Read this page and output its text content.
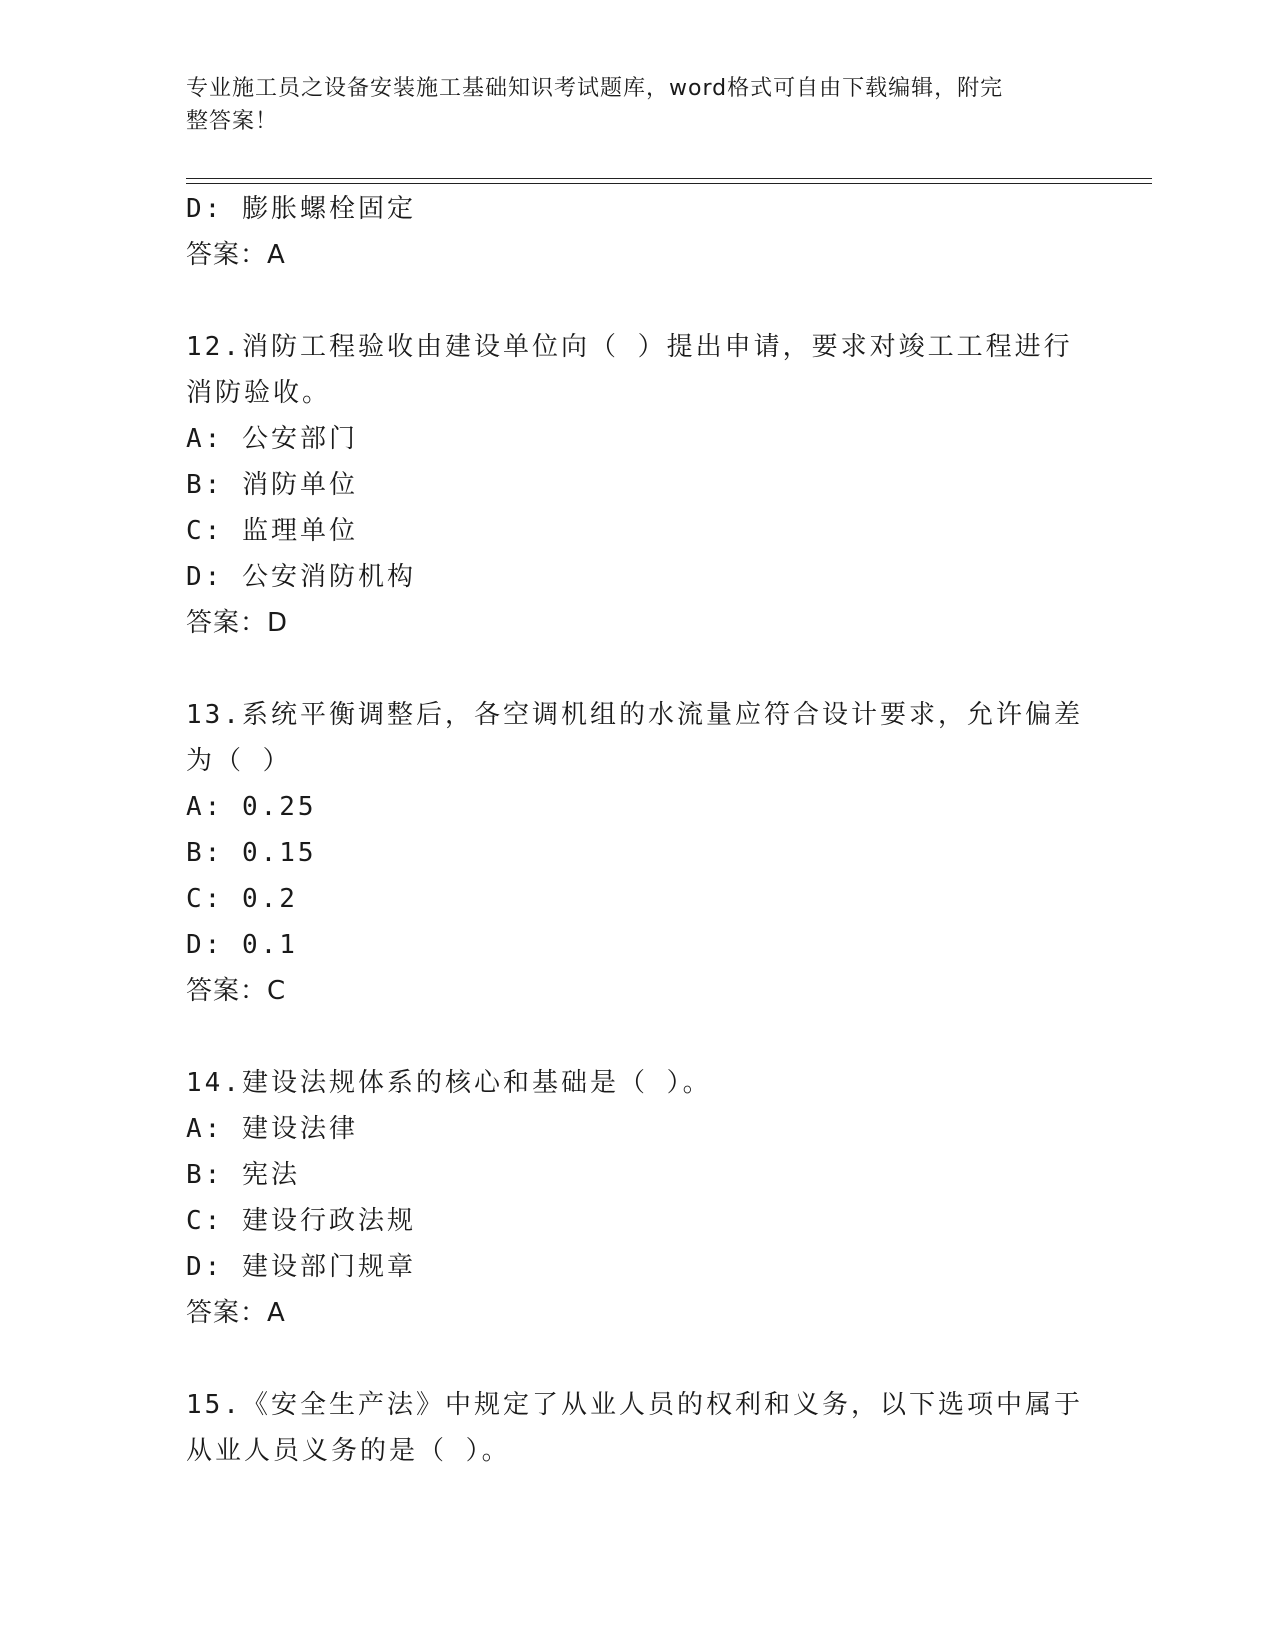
专业施工员之设备安装施工基础知识考试题库，word格式可自由下载编辑，附完
整答案！
D: 膨胀螺栓固定
答案：A
12.消防工程验收由建设单位向（ ）提出申请，要求对竣工工程进行
消防验收。
A: 公安部门
B: 消防单位
C: 监理单位
D: 公安消防机构
答案：D
13.系统平衡调整后，各空调机组的水流量应符合设计要求，允许偏差
为（ ）
A: 0.25
B: 0.15
C: 0.2
D: 0.1
答案：C
14.建设法规体系的核心和基础是（ ）。
A: 建设法律
B: 宪法
C: 建设行政法规
D: 建设部门规章
答案：A
15.《安全生产法》中规定了从业人员的权利和义务，以下选项中属于
从业人员义务的是（ ）。
